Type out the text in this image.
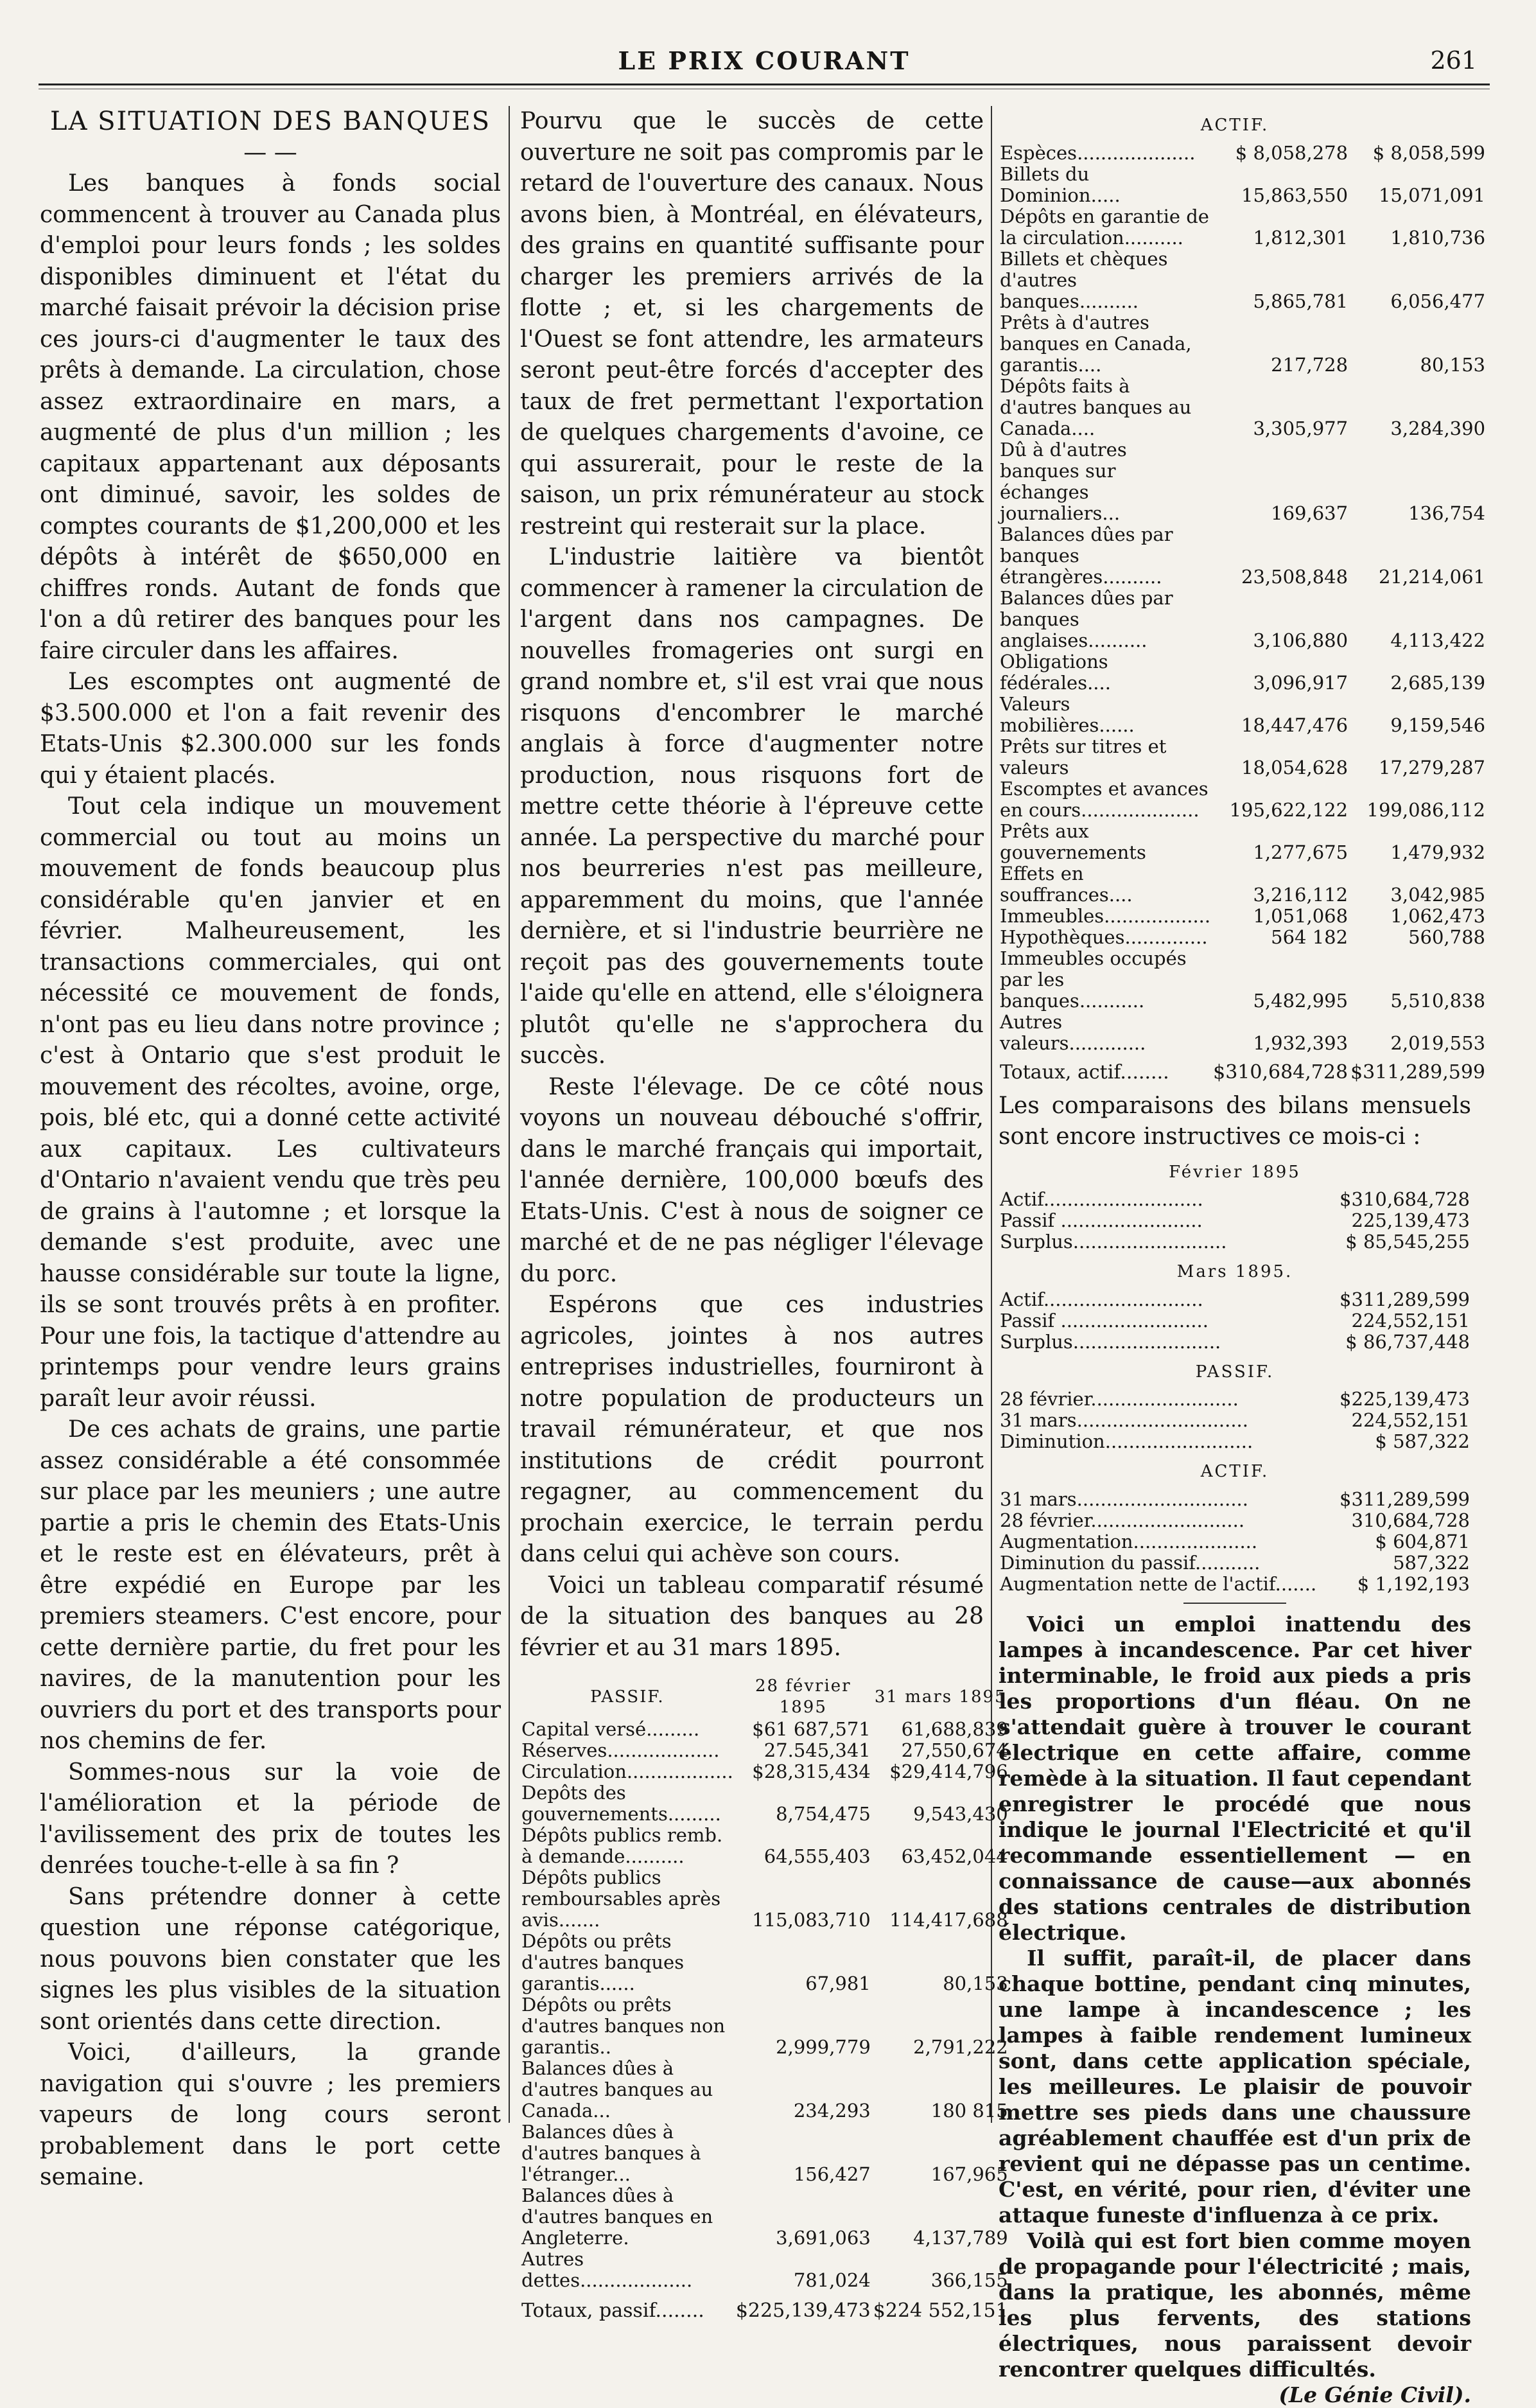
LE PRIX COURANT	261

LA SITUATION DES BANQUES

— —

Les banques à fonds social commencent à trouver au Canada plus d'emploi pour leurs fonds ; les soldes disponibles diminuent et l'état du marché faisait prévoir la décision prise ces jours-ci d'augmenter le taux des prêts à demande. La circulation, chose assez extraordinaire en mars, a augmenté de plus d'un million ; les capitaux appartenant aux déposants ont diminué, savoir, les soldes de comptes courants de $1,200,000 et les dépôts à intérêt de $650,000 en chiffres ronds. Autant de fonds que l'on a dû retirer des banques pour les faire circuler dans les affaires.

Les escomptes ont augmenté de $3.500.000 et l'on a fait revenir des Etats-Unis $2.300.000 sur les fonds qui y étaient placés.

Tout cela indique un mouvement commercial ou tout au moins un mouvement de fonds beaucoup plus considérable qu'en janvier et en février. Malheureusement, les transactions commerciales, qui ont nécessité ce mouvement de fonds, n'ont pas eu lieu dans notre province ; c'est à Ontario que s'est produit le mouvement des récoltes, avoine, orge, pois, blé etc, qui a donné cette activité aux capitaux. Les cultivateurs d'Ontario n'avaient vendu que très peu de grains à l'automne ; et lorsque la demande s'est produite, avec une hausse considérable sur toute la ligne, ils se sont trouvés prêts à en profiter. Pour une fois, la tactique d'attendre au printemps pour vendre leurs grains paraît leur avoir réussi.

De ces achats de grains, une partie assez considérable a été consommée sur place par les meuniers ; une autre partie a pris le chemin des Etats-Unis et le reste est en élévateurs, prêt à être expédié en Europe par les premiers steamers. C'est encore, pour cette dernière partie, du fret pour les navires, de la manutention pour les ouvriers du port et des transports pour nos chemins de fer.

Sommes-nous sur la voie de l'amélioration et la période de l'avilissement des prix de toutes les denrées touche-t-elle à sa fin ?

Sans prétendre donner à cette question une réponse catégorique, nous pouvons bien constater que les signes les plus visibles de la situation sont orientés dans cette direction.

Voici, d'ailleurs, la grande navigation qui s'ouvre ; les premiers vapeurs de long cours seront probablement dans le port cette semaine.

Pourvu que le succès de cette ouverture ne soit pas compromis par le retard de l'ouverture des canaux. Nous avons bien, à Montréal, en élévateurs, des grains en quantité suffisante pour charger les premiers arrivés de la flotte ; et, si les chargements de l'Ouest se font attendre, les armateurs seront peut-être forcés d'accepter des taux de fret permettant l'exportation de quelques chargements d'avoine, ce qui assurerait, pour le reste de la saison, un prix rémunérateur au stock restreint qui resterait sur la place.

L'industrie laitière va bientôt commencer à ramener la circulation de l'argent dans nos campagnes. De nouvelles fromageries ont surgi en grand nombre et, s'il est vrai que nous risquons d'encombrer le marché anglais à force d'augmenter notre production, nous risquons fort de mettre cette théorie à l'épreuve cette année. La perspective du marché pour nos beurreries n'est pas meilleure, apparemment du moins, que l'année dernière, et si l'industrie beurrière ne reçoit pas des gouvernements toute l'aide qu'elle en attend, elle s'éloignera plutôt qu'elle ne s'approchera du succès.

Reste l'élevage. De ce côté nous voyons un nouveau débouché s'offrir, dans le marché français qui importait, l'année dernière, 100,000 bœufs des Etats-Unis. C'est à nous de soigner ce marché et de ne pas négliger l'élevage du porc.

Espérons que ces industries agricoles, jointes à nos autres entreprises industrielles, fourniront à notre population de producteurs un travail rémunérateur, et que nos institutions de crédit pourront regagner, au commencement du prochain exercice, le terrain perdu dans celui qui achève son cours.

Voici un tableau comparatif résumé de la situation des banques au 28 février et au 31 mars 1895.

PASSIF.	28 février 1895	31 mars 1895
Capital versé.........	$61 687,571	61,688,839
Réserves...................	27.545,341	27,550,674
Circulation..................	$28,315,434	$29,414,796
Depôts des gouvernements.........	8,754,475	9,543,430
Dépôts publics remb. à demande..........	64,555,403	63,452,044
Dépôts publics remboursables après avis.......	115,083,710	114,417,688
Dépôts ou prêts d'autres banques garantis......	67,981	80,153
Dépôts ou prêts d'autres banques non garantis..	2,999,779	2,791,222
Balances dûes à d'autres banques au Canada...	234,293	180 815
Balances dûes à d'autres banques à l'étranger...	156,427	167,965
Balances dûes à d'autres banques en Angleterre.	3,691,063	4,137,789
Autres dettes...................	781,024	366,155
Totaux, passif........	$225,139,473	$224 552,151
ACTIF.
Espèces....................	$ 8,058,278	$ 8,058,599
Billets du Dominion.....	15,863,550	15,071,091
Dépôts en garantie de la circulation..........	1,812,301	1,810,736
Billets et chèques d'autres banques..........	5,865,781	6,056,477
Prêts à d'autres banques en Canada, garantis....	217,728	80,153
Dépôts faits à d'autres banques au Canada....	3,305,977	3,284,390
Dû à d'autres banques sur échanges journaliers...	169,637	136,754
Balances dûes par banques étrangères..........	23,508,848	21,214,061
Balances dûes par banques anglaises..........	3,106,880	4,113,422
Obligations fédérales....	3,096,917	2,685,139
Valeurs mobilières......	18,447,476	9,159,546
Prêts sur titres et valeurs	18,054,628	17,279,287
Escomptes et avances en cours....................	195,622,122	199,086,112
Prêts aux gouvernements	1,277,675	1,479,932
Effets en souffrances....	3,216,112	3,042,985
Immeubles..................	1,051,068	1,062,473
Hypothèques..............	564 182	560,788
Immeubles occupés par les banques...........	5,482,995	5,510,838
Autres valeurs.............	1,932,393	2,019,553
Totaux, actif........	$310,684,728	$311,289,599

Les comparaisons des bilans mensuels sont encore instructives ce mois-ci :

Février 1895
Actif...........................	$310,684,728
Passif ........................	225,139,473
Surplus..........................	$ 85,545,255
Mars 1895.
Actif...........................	$311,289,599
Passif .........................	224,552,151
Surplus.........................	$ 86,737,448
PASSIF.
28 février.........................	$225,139,473
31 mars.............................	224,552,151
Diminution.........................	$ 587,322
ACTIF.
31 mars.............................	$311,289,599
28 février..........................	310,684,728
Augmentation.....................	$ 604,871
Diminution du passif...........	587,322
Augmentation nette de l'actif.......	$ 1,192,193

Voici un emploi inattendu des lampes à incandescence. Par cet hiver interminable, le froid aux pieds a pris les proportions d'un fléau. On ne s'attendait guère à trouver le courant électrique en cette affaire, comme remède à la situation. Il faut cependant enregistrer le procédé que nous indique le journal l'Electricité et qu'il recommande essentiellement — en connaissance de cause—aux abonnés des stations centrales de distribution électrique.

Il suffit, paraît-il, de placer dans chaque bottine, pendant cinq minutes, une lampe à incandescence ; les lampes à faible rendement lumineux sont, dans cette application spéciale, les meilleures. Le plaisir de pouvoir mettre ses pieds dans une chaussure agréablement chauffée est d'un prix de revient qui ne dépasse pas un centime. C'est, en vérité, pour rien, d'éviter une attaque funeste d'influenza à ce prix.

Voilà qui est fort bien comme moyen de propagande pour l'électricité ; mais, dans la pratique, les abonnés, même les plus fervents, des stations électriques, nous paraissent devoir rencontrer quelques difficultés.

(Le Génie Civil).
